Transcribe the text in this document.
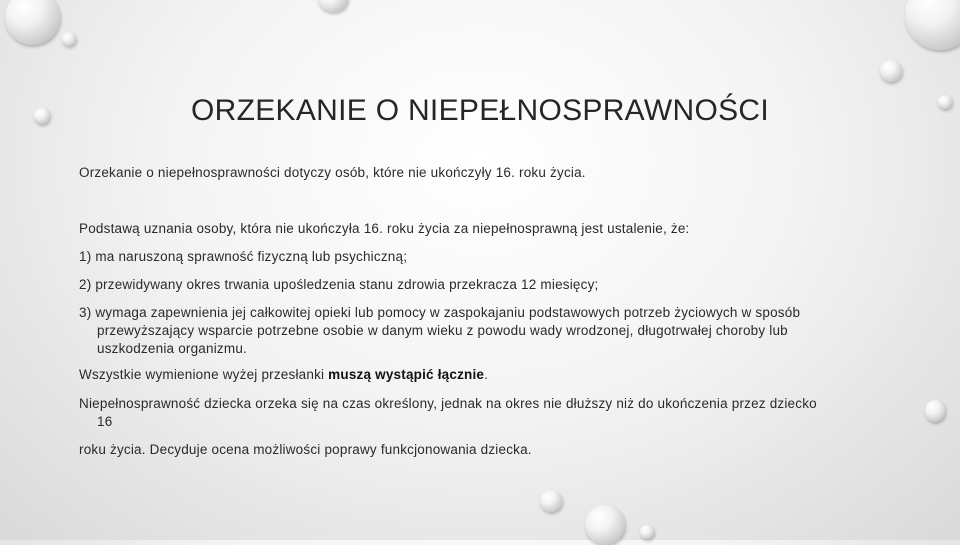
ORZEKANIE O NIEPEŁNOSPRAWNOŚCI
Orzekanie o niepełnosprawności dotyczy osób, które nie ukończyły 16. roku życia.
Podstawą uznania osoby, która nie ukończyła 16. roku życia za niepełnosprawną jest ustalenie, że:
1) ma naruszoną sprawność fizyczną lub psychiczną;
2) przewidywany okres trwania upośledzenia stanu zdrowia przekracza 12 miesięcy;
3) wymaga zapewnienia jej całkowitej opieki lub pomocy w zaspokajaniu podstawowych potrzeb życiowych w sposób
przewyższający wsparcie potrzebne osobie w danym wieku z powodu wady wrodzonej, długotrwałej choroby lub
uszkodzenia organizmu.
Wszystkie wymienione wyżej przesłanki muszą wystąpić łącznie.
Niepełnosprawność dziecka orzeka się na czas określony, jednak na okres nie dłuższy niż do ukończenia przez dziecko
16
roku życia. Decyduje ocena możliwości poprawy funkcjonowania dziecka.
